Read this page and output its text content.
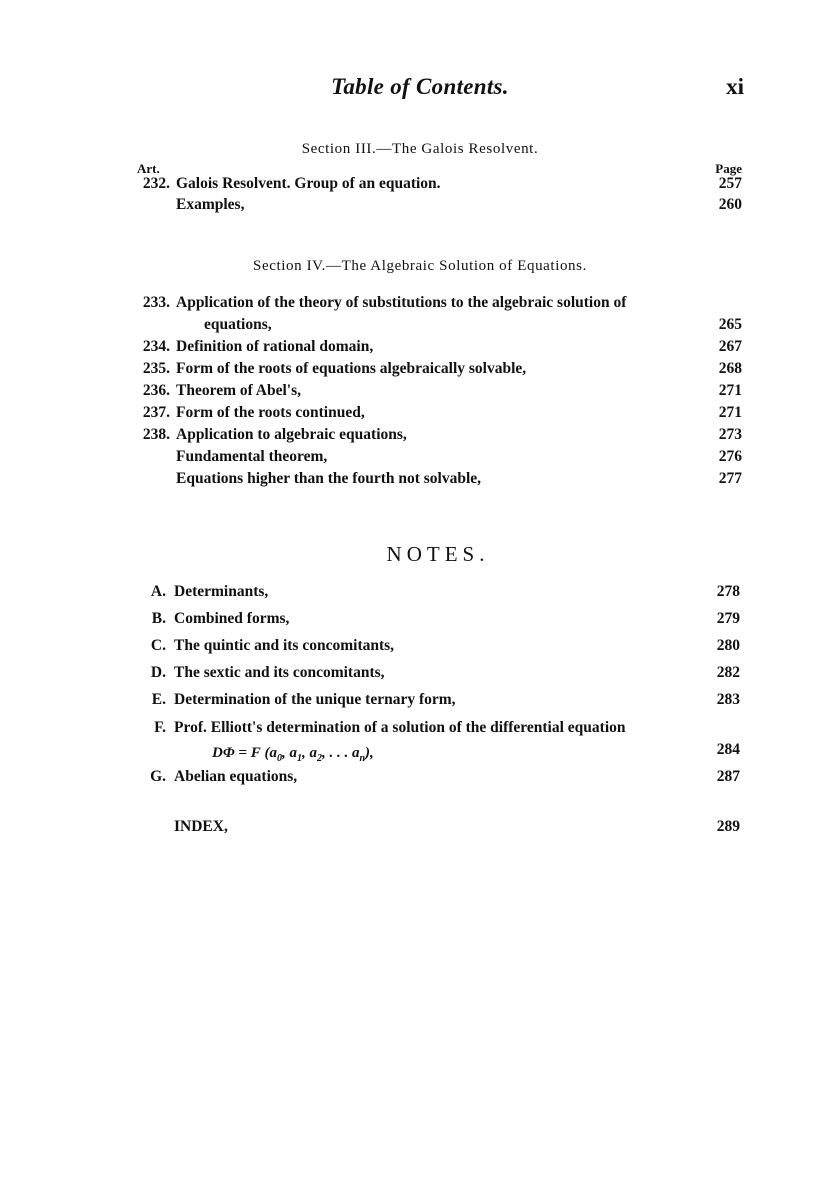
Table of Contents.	xi
Section III.—The Galois Resolvent.
Art.	Page
232. Galois Resolvent. Group of an equation.	257
Examples,	260
Section IV.—The Algebraic Solution of Equations.
233. Application of the theory of substitutions to the algebraic solution of
equations,	265
234. Definition of rational domain,	267
235. Form of the roots of equations algebraically solvable,	268
236. Theorem of Abel's,	271
237. Form of the roots continued,	271
238. Application to algebraic equations,	273
Fundamental theorem,	276
Equations higher than the fourth not solvable,	277
NOTES.
A. Determinants,	278
B. Combined forms,	279
C. The quintic and its concomitants,	280
D. The sextic and its concomitants,	282
E. Determination of the unique ternary form,	283
F. Prof. Elliott's determination of a solution of the differential equation
DΦ = F ($a_0$, $a_1$, $a_2$, . . . $a_n$),	284
G. Abelian equations,	287
INDEX,	289
